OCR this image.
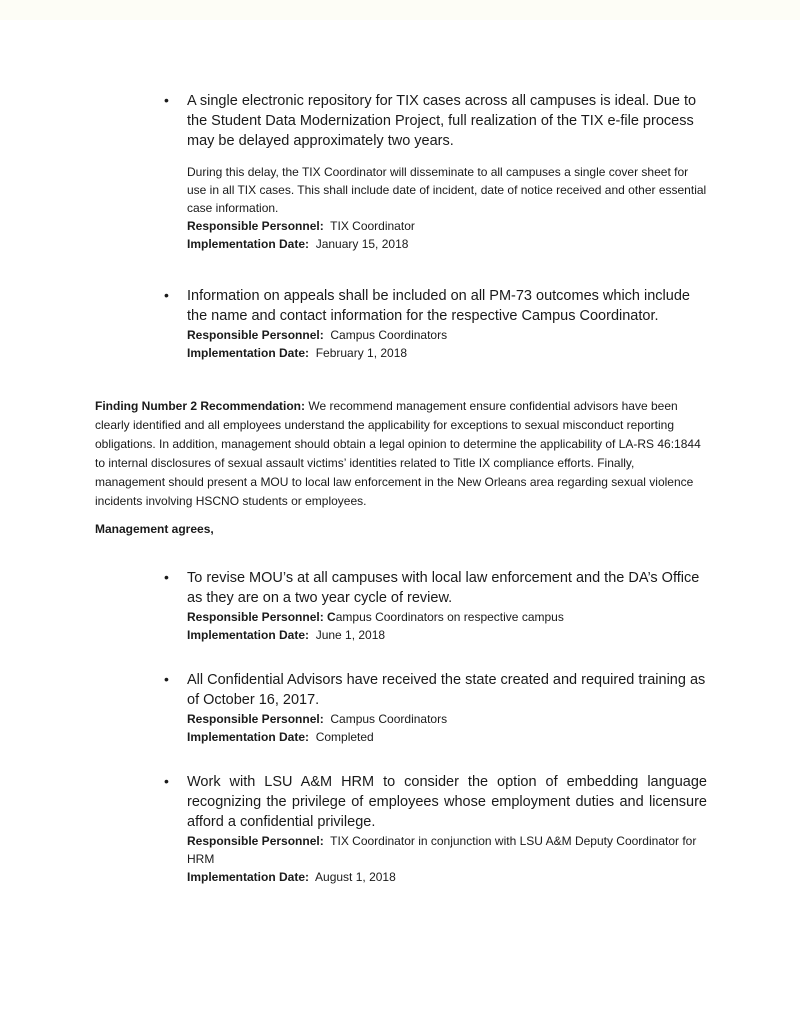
• A single electronic repository for TIX cases across all campuses is ideal. Due to the Student Data Modernization Project, full realization of the TIX e-file process may be delayed approximately two years.

During this delay, the TIX Coordinator will disseminate to all campuses a single cover sheet for use in all TIX cases. This shall include date of incident, date of notice received and other essential case information.

Responsible Personnel: TIX Coordinator

Implementation Date: January 15, 2018

• Information on appeals shall be included on all PM-73 outcomes which include the name and contact information for the respective Campus Coordinator.

Responsible Personnel: Campus Coordinators

Implementation Date: February 1, 2018

Finding Number 2 Recommendation: We recommend management ensure confidential advisors have been clearly identified and all employees understand the applicability for exceptions to sexual misconduct reporting obligations. In addition, management should obtain a legal opinion to determine the applicability of LA-RS 46:1844 to internal disclosures of sexual assault victims’ identities related to Title IX compliance efforts. Finally, management should present a MOU to local law enforcement in the New Orleans area regarding sexual violence incidents involving HSCNO students or employees.

Management agrees,

• To revise MOU’s at all campuses with local law enforcement and the DA’s Office as they are on a two year cycle of review.

Responsible Personnel: Campus Coordinators on respective campus

Implementation Date: June 1, 2018

• All Confidential Advisors have received the state created and required training as of October 16, 2017.

Responsible Personnel: Campus Coordinators

Implementation Date: Completed

• Work with LSU A&M HRM to consider the option of embedding language recognizing the privilege of employees whose employment duties and licensure afford a confidential privilege.

Responsible Personnel: TIX Coordinator in conjunction with LSU A&M Deputy Coordinator for HRM

Implementation Date: August 1, 2018
